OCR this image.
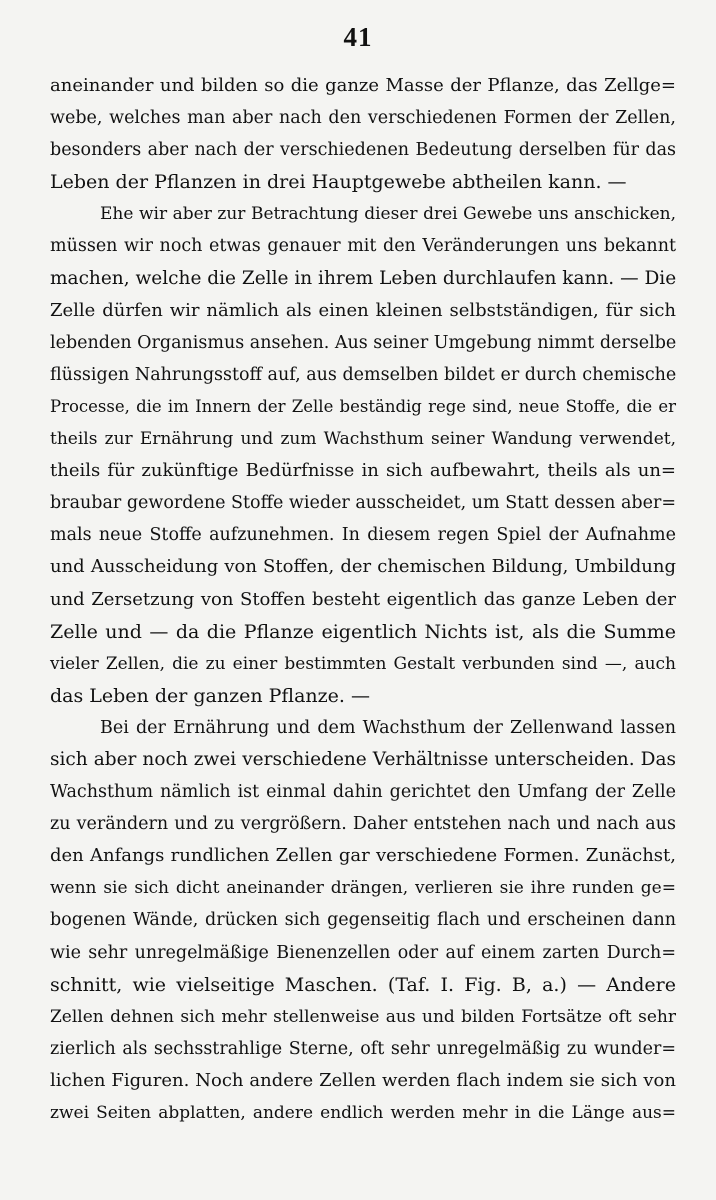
41
aneinander und bilden so die ganze Masse der Pflanze, das Zellge=
webe, welches man aber nach den verschiedenen Formen der Zellen,
besonders aber nach der verschiedenen Bedeutung derselben für das
Leben der Pflanzen in drei Hauptgewebe abtheilen kann. —
Ehe wir aber zur Betrachtung dieser drei Gewebe uns anschicken,
müssen wir noch etwas genauer mit den Veränderungen uns bekannt
machen, welche die Zelle in ihrem Leben durchlaufen kann. — Die
Zelle dürfen wir nämlich als einen kleinen selbstständigen, für sich
lebenden Organismus ansehen. Aus seiner Umgebung nimmt derselbe
flüssigen Nahrungsstoff auf, aus demselben bildet er durch chemische
Processe, die im Innern der Zelle beständig rege sind, neue Stoffe, die er
theils zur Ernährung und zum Wachsthum seiner Wandung verwendet,
theils für zukünftige Bedürfnisse in sich aufbewahrt, theils als un=
braubar gewordene Stoffe wieder ausscheidet, um Statt dessen aber=
mals neue Stoffe aufzunehmen. In diesem regen Spiel der Aufnahme
und Ausscheidung von Stoffen, der chemischen Bildung, Umbildung
und Zersetzung von Stoffen besteht eigentlich das ganze Leben der
Zelle und — da die Pflanze eigentlich Nichts ist, als die Summe
vieler Zellen, die zu einer bestimmten Gestalt verbunden sind —, auch
das Leben der ganzen Pflanze. —
Bei der Ernährung und dem Wachsthum der Zellenwand lassen
sich aber noch zwei verschiedene Verhältnisse unterscheiden. Das
Wachsthum nämlich ist einmal dahin gerichtet den Umfang der Zelle
zu verändern und zu vergrößern. Daher entstehen nach und nach aus
den Anfangs rundlichen Zellen gar verschiedene Formen. Zunächst,
wenn sie sich dicht aneinander drängen, verlieren sie ihre runden ge=
bogenen Wände, drücken sich gegenseitig flach und erscheinen dann
wie sehr unregelmäßige Bienenzellen oder auf einem zarten Durch=
schnitt, wie vielseitige Maschen. (Taf. I. Fig. B, a.) — Andere
Zellen dehnen sich mehr stellenweise aus und bilden Fortsätze oft sehr
zierlich als sechsstrahlige Sterne, oft sehr unregelmäßig zu wunder=
lichen Figuren. Noch andere Zellen werden flach indem sie sich von
zwei Seiten abplatten, andere endlich werden mehr in die Länge aus=
